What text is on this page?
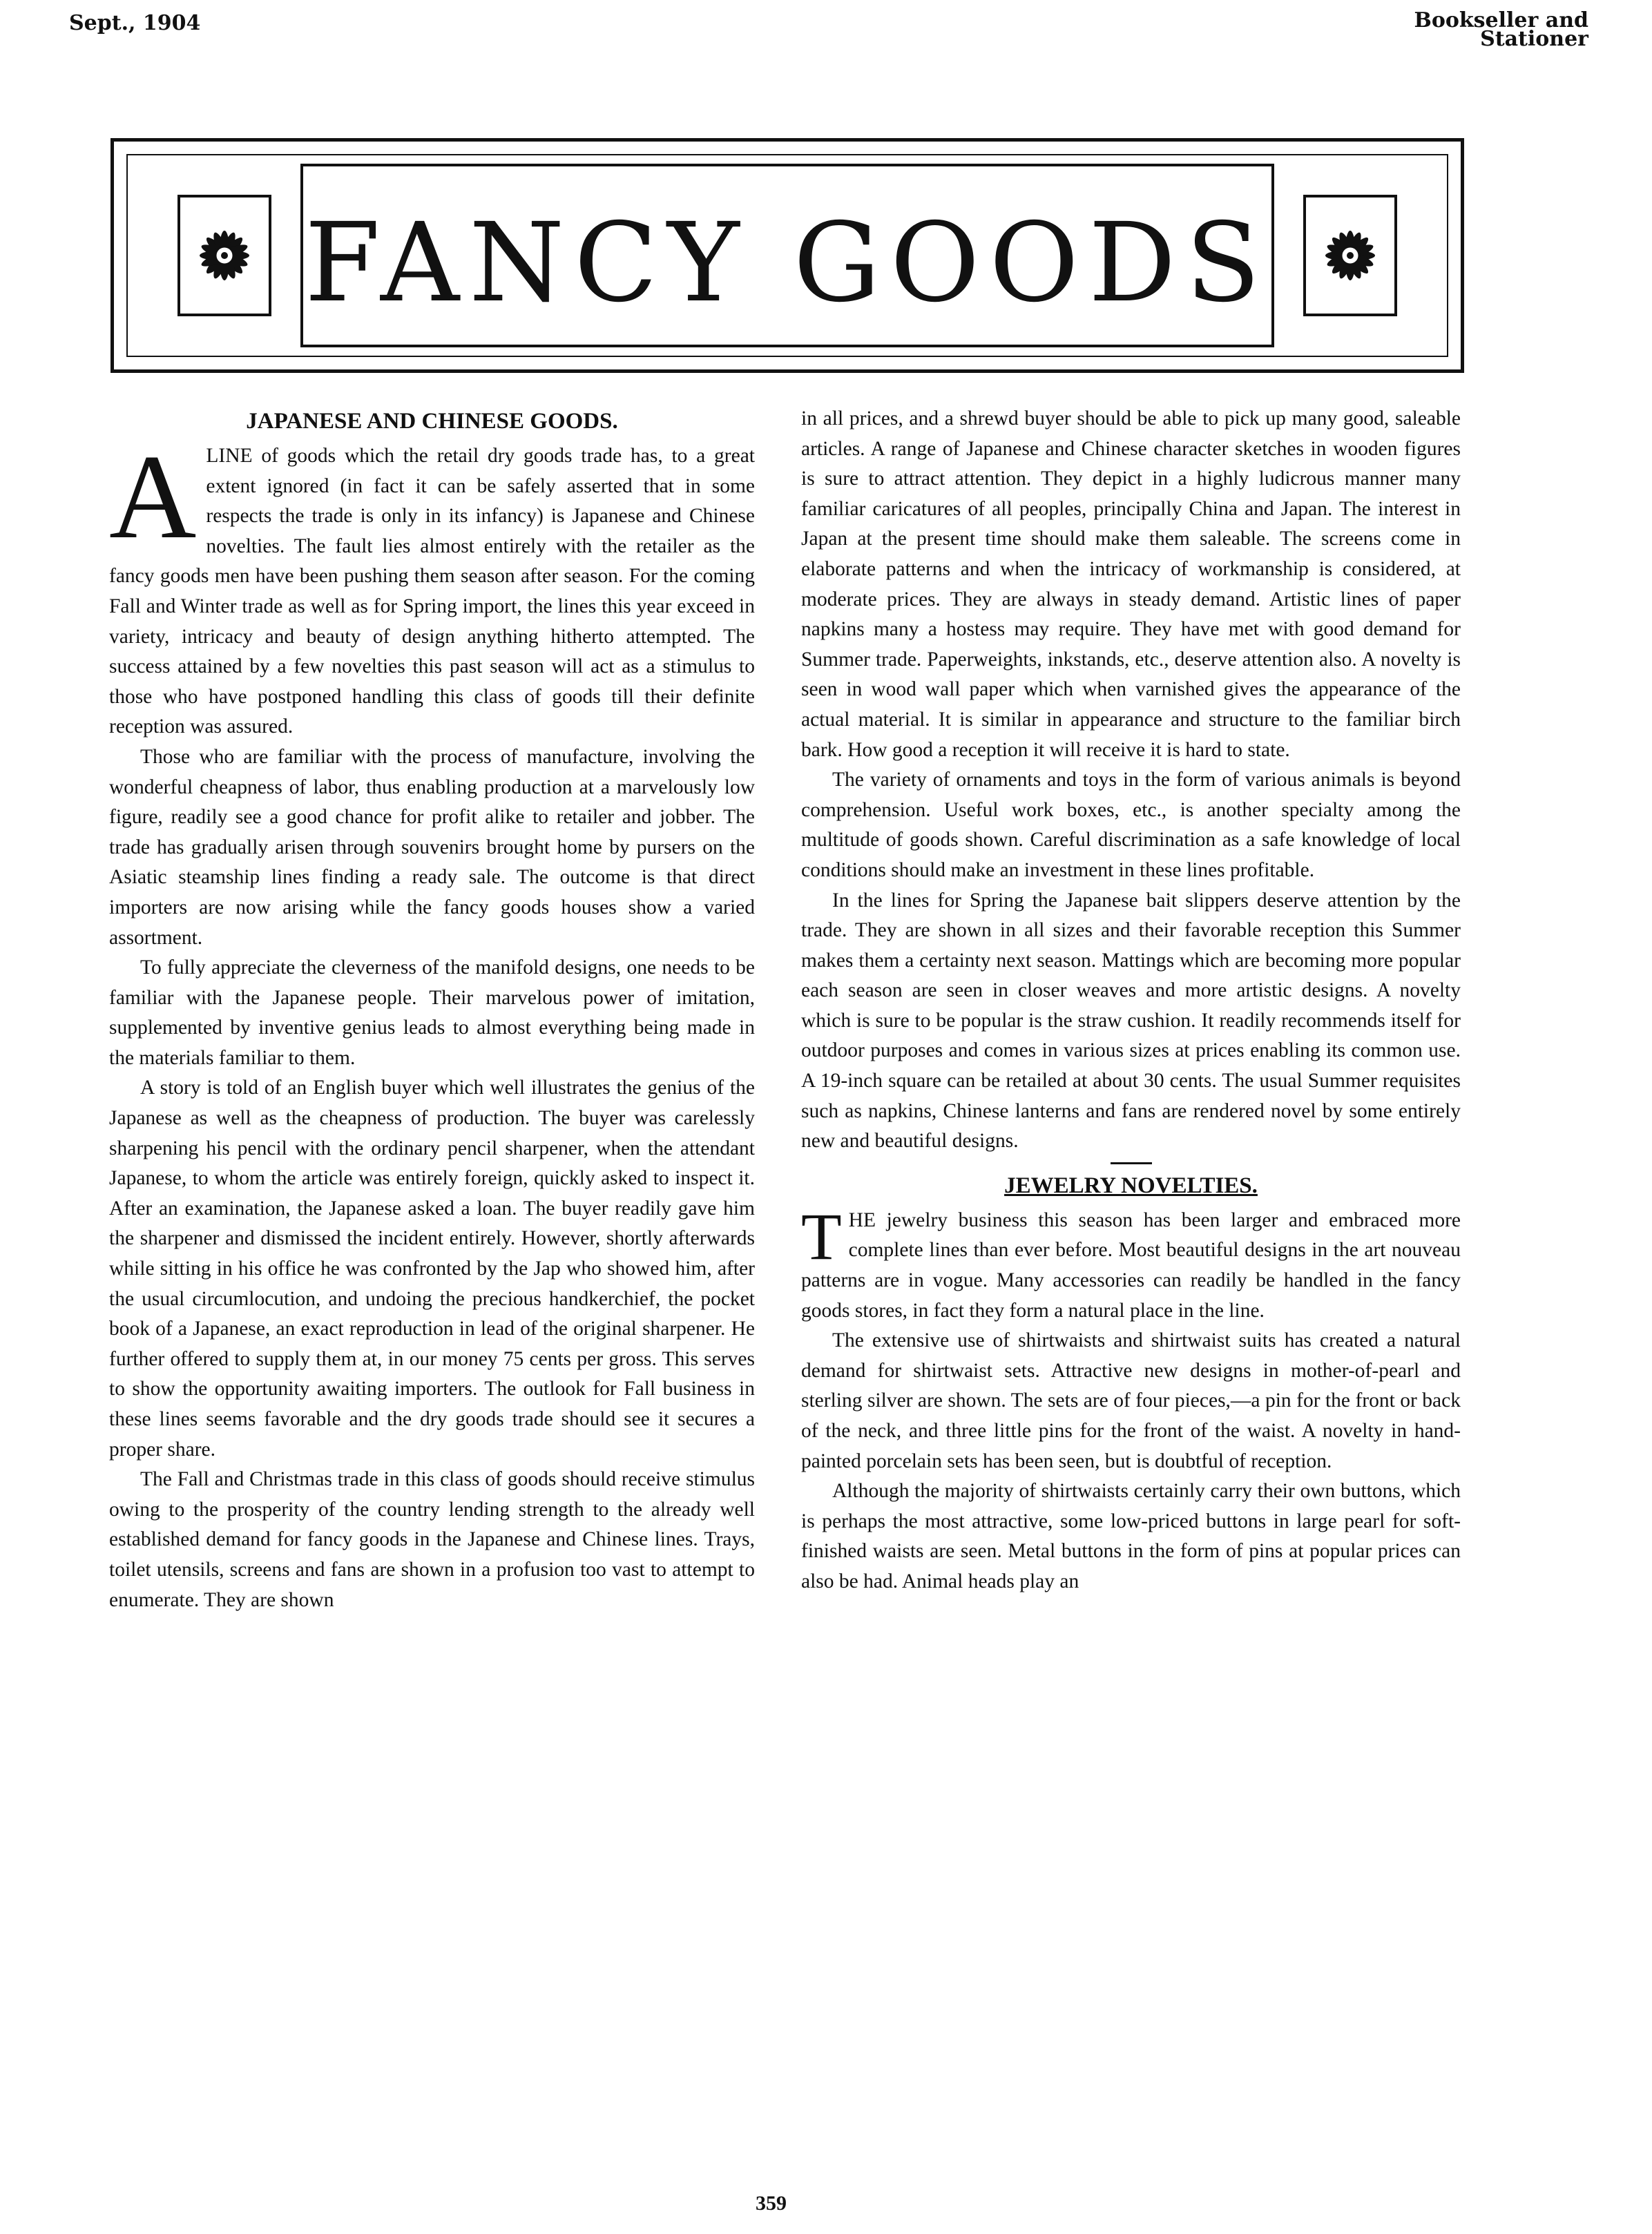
Sept., 1904	Bookseller and
Stationer
FANCY GOODS
JAPANESE AND CHINESE GOODS.
A LINE of goods which the retail dry goods trade has, to a great extent ignored (in fact it can be safely asserted that in some respects the trade is only in its infancy) is Japanese and Chinese novelties. The fault lies almost entirely with the retailer as the fancy goods men have been pushing them season after season. For the coming Fall and Winter trade as well as for Spring import, the lines this year exceed in variety, intricacy and beauty of design anything hitherto attempted. The success attained by a few novelties this past season will act as a stimulus to those who have postponed handling this class of goods till their definite reception was assured.

Those who are familiar with the process of manufacture, involving the wonderful cheapness of labor, thus enabling production at a marvelously low figure, readily see a good chance for profit alike to retailer and jobber. The trade has gradually arisen through souvenirs brought home by pursers on the Asiatic steamship lines finding a ready sale. The outcome is that direct importers are now arising while the fancy goods houses show a varied assortment.

To fully appreciate the cleverness of the manifold designs, one needs to be familiar with the Japanese people. Their marvelous power of imitation, supplemented by inventive genius leads to almost everything being made in the materials familiar to them.

A story is told of an English buyer which well illustrates the genius of the Japanese as well as the cheapness of production. The buyer was carelessly sharpening his pencil with the ordinary pencil sharpener, when the attendant Japanese, to whom the article was entirely foreign, quickly asked to inspect it. After an examination, the Japanese asked a loan. The buyer readily gave him the sharpener and dismissed the incident entirely. However, shortly afterwards while sitting in his office he was confronted by the Jap who showed him, after the usual circumlocution, and undoing the precious handkerchief, the pocket book of a Japanese, an exact reproduction in lead of the original sharpener. He further offered to supply them at, in our money 75 cents per gross. This serves to show the opportunity awaiting importers. The outlook for Fall business in these lines seems favorable and the dry goods trade should see it secures a proper share.

The Fall and Christmas trade in this class of goods should receive stimulus owing to the prosperity of the country lending strength to the already well established demand for fancy goods in the Japanese and Chinese lines. Trays, toilet utensils, screens and fans are shown in a profusion too vast to attempt to enumerate. They are shown

in all prices, and a shrewd buyer should be able to pick up many good, saleable articles. A range of Japanese and Chinese character sketches in wooden figures is sure to attract attention. They depict in a highly ludicrous manner many familiar caricatures of all peoples, principally China and Japan. The interest in Japan at the present time should make them saleable. The screens come in elaborate patterns and when the intricacy of workmanship is considered, at moderate prices. They are always in steady demand. Artistic lines of paper napkins many a hostess may require. They have met with good demand for Summer trade. Paperweights, inkstands, etc., deserve attention also. A novelty is seen in wood wall paper which when varnished gives the appearance of the actual material. It is similar in appearance and structure to the familiar birch bark. How good a reception it will receive it is hard to state.

The variety of ornaments and toys in the form of various animals is beyond comprehension. Useful work boxes, etc., is another specialty among the multitude of goods shown. Careful discrimination as a safe knowledge of local conditions should make an investment in these lines profitable.

In the lines for Spring the Japanese bait slippers deserve attention by the trade. They are shown in all sizes and their favorable reception this Summer makes them a certainty next season. Mattings which are becoming more popular each season are seen in closer weaves and more artistic designs. A novelty which is sure to be popular is the straw cushion. It readily recommends itself for outdoor purposes and comes in various sizes at prices enabling its common use. A 19-inch square can be retailed at about 30 cents. The usual Summer requisites such as napkins, Chinese lanterns and fans are rendered novel by some entirely new and beautiful designs.

JEWELRY NOVELTIES.
T HE jewelry business this season has been larger and embraced more complete lines than ever before. Most beautiful designs in the art nouveau patterns are in vogue. Many accessories can readily be handled in the fancy goods stores, in fact they form a natural place in the line.

The extensive use of shirtwaists and shirtwaist suits has created a natural demand for shirtwaist sets. Attractive new designs in mother-of-pearl and sterling silver are shown. The sets are of four pieces,—a pin for the front or back of the neck, and three little pins for the front of the waist. A novelty in hand-painted porcelain sets has been seen, but is doubtful of reception.

Although the majority of shirtwaists certainly carry their own buttons, which is perhaps the most attractive, some low-priced buttons in large pearl for soft-finished waists are seen. Metal buttons in the form of pins at popular prices can also be had. Animal heads play an

359
